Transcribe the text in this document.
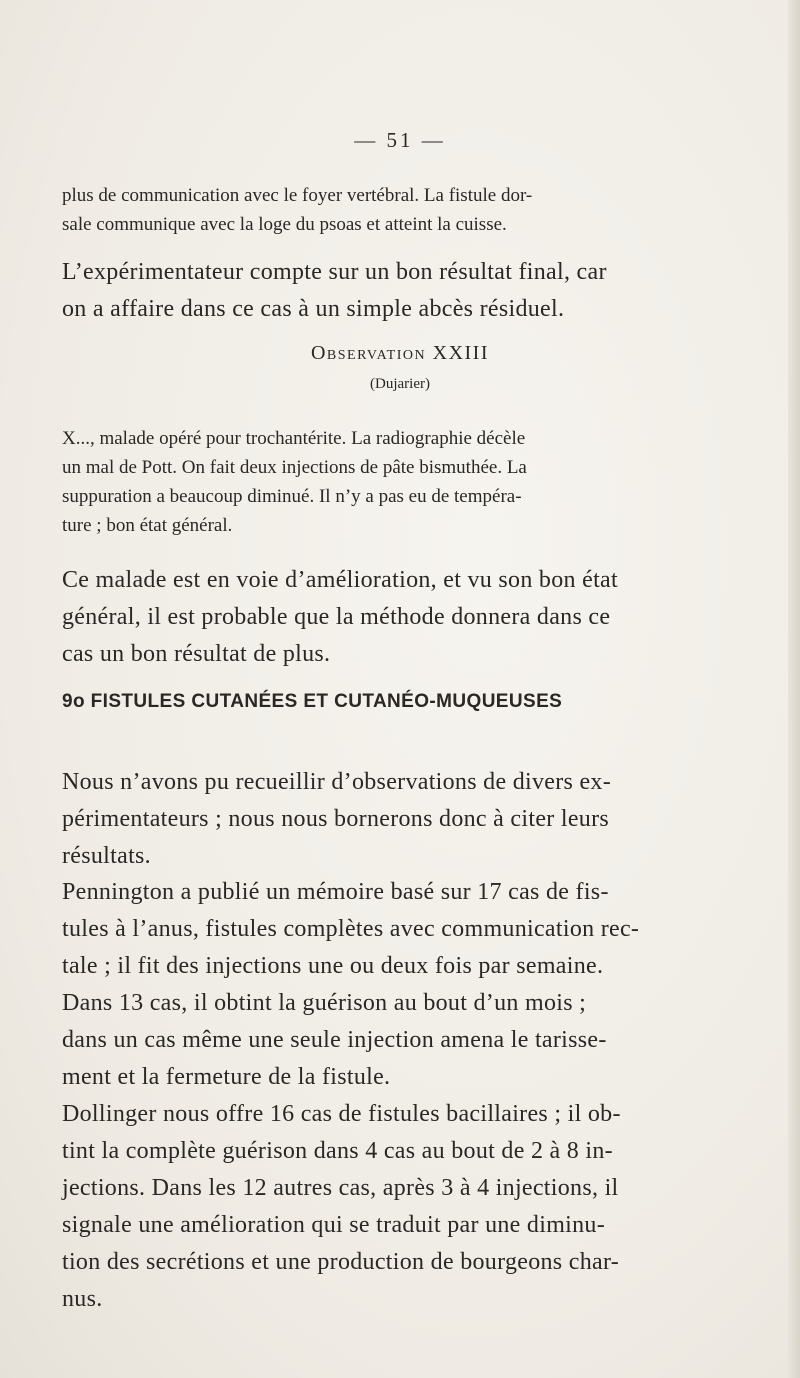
— 51 —
plus de communication avec le foyer vertébral. La fistule dor-
sale communique avec la loge du psoas et atteint la cuisse.
L’expérimentateur compte sur un bon résultat final, car
on a affaire dans ce cas à un simple abcès résiduel.
Observation XXIII
(Dujarier)
X..., malade opéré pour trochantérite. La radiographie décèle
un mal de Pott. On fait deux injections de pâte bismuthée. La
suppuration a beaucoup diminué. Il n’y a pas eu de tempéra-
ture ; bon état général.
Ce malade est en voie d’amélioration, et vu son bon état
général, il est probable que la méthode donnera dans ce
cas un bon résultat de plus.
9o FISTULES CUTANÉES ET CUTANÉO-MUQUEUSES
Nous n’avons pu recueillir d’observations de divers ex-
périmentateurs ; nous nous bornerons donc à citer leurs
résultats.
Pennington a publié un mémoire basé sur 17 cas de fis-
tules à l’anus, fistules complètes avec communication rec-
tale ; il fit des injections une ou deux fois par semaine.
Dans 13 cas, il obtint la guérison au bout d’un mois ;
dans un cas même une seule injection amena le tarisse-
ment et la fermeture de la fistule.
Dollinger nous offre 16 cas de fistules bacillaires ; il ob-
tint la complète guérison dans 4 cas au bout de 2 à 8 in-
jections. Dans les 12 autres cas, après 3 à 4 injections, il
signale une amélioration qui se traduit par une diminu-
tion des secrétions et une production de bourgeons char-
nus.
